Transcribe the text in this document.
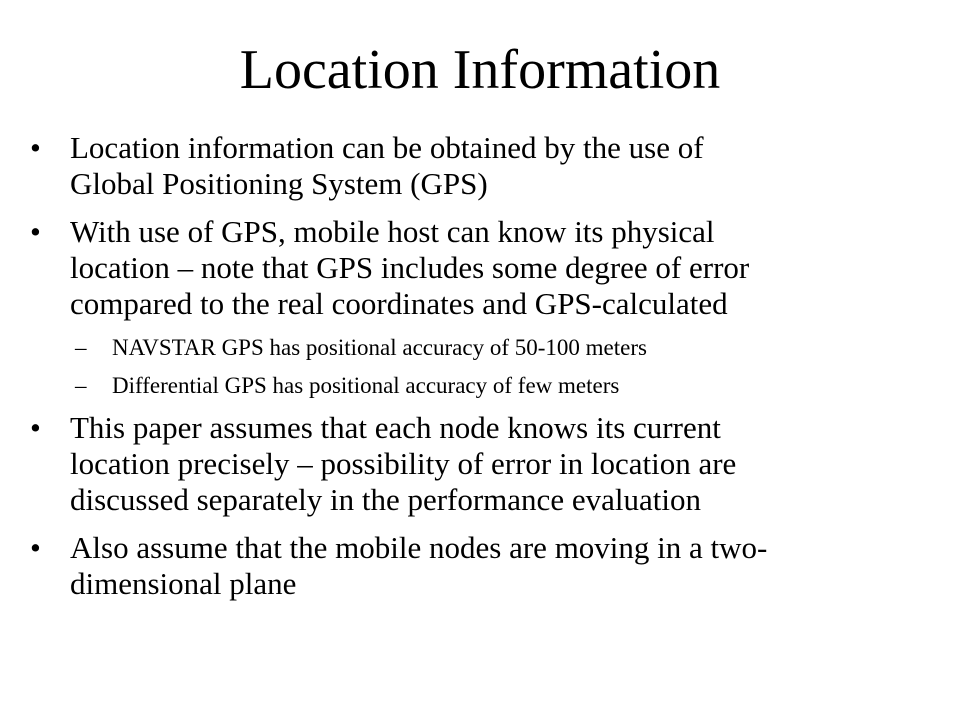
Location Information
• Location information can be obtained by the use of
Global Positioning System (GPS)
• With use of GPS, mobile host can know its physical
location – note that GPS includes some degree of error
compared to the real coordinates and GPS-calculated
– NAVSTAR GPS has positional accuracy of 50-100 meters
– Differential GPS has positional accuracy of few meters
• This paper assumes that each node knows its current
location precisely – possibility of error in location are
discussed separately in the performance evaluation
• Also assume that the mobile nodes are moving in a two-
dimensional plane
